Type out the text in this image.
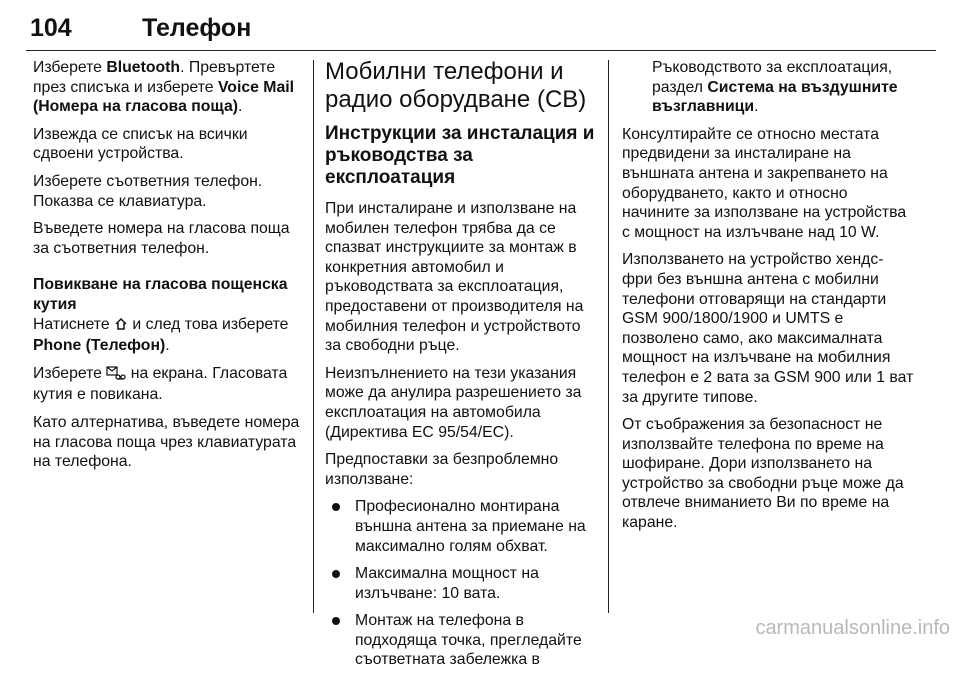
104	Телефон

Изберете Bluetooth. Превъртете през списъка и изберете Voice Mail (Номера на гласова поща).

Извежда се списък на всички сдвоени устройства.

Изберете съответния телефон. Показва се клавиатура.

Въведете номера на гласова поща за съответния телефон.

Повикване на гласова пощенска кутия

Натиснете  и след това изберете Phone (Телефон).

Изберете  на екрана. Гласовата кутия е повикана.

Като алтернатива, въведете номера на гласова поща чрез клавиатурата на телефона.

Мобилни телефони и радио оборудване (CB)
Инструкции за инсталация и ръководства за експлоатация

При инсталиране и използване на мобилен телефон трябва да се спазват инструкциите за монтаж в конкретния автомобил и ръководствата за експлоатация, предоставени от производителя на мобилния телефон и устройството за свободни ръце.

Неизпълнението на тези указания може да анулира разрешението за експлоатация на автомобила (Директива ЕС 95/54/ЕС).

Предпоставки за безпроблемно използване:

Професионално монтирана външна антена за приемане на максимално голям обхват.
Максимална мощност на излъчване: 10 вата.
Монтаж на телефона в подходяща точка, прегледайте съответната забележка в

Ръководството за експлоатация, раздел Система на въздушните възглавници.

Консултирайте се относно местата предвидени за инсталиране на външната антена и закрепването на оборудването, както и относно начините за използване на устройства с мощност на излъчване над 10 W.

Използването на устройство хендс-фри без външна антена с мобилни телефони отговарящи на стандарти GSM 900/1800/1900 и UMTS е позволено само, ако максималната мощност на излъчване на мобилния телефон е 2 вата за GSM 900 или 1 ват за другите типове.

От съображения за безопасност не използвайте телефона по време на шофиране. Дори използването на устройство за свободни ръце може да отвлече вниманието Ви по време на каране.

carmanualsonline.info
